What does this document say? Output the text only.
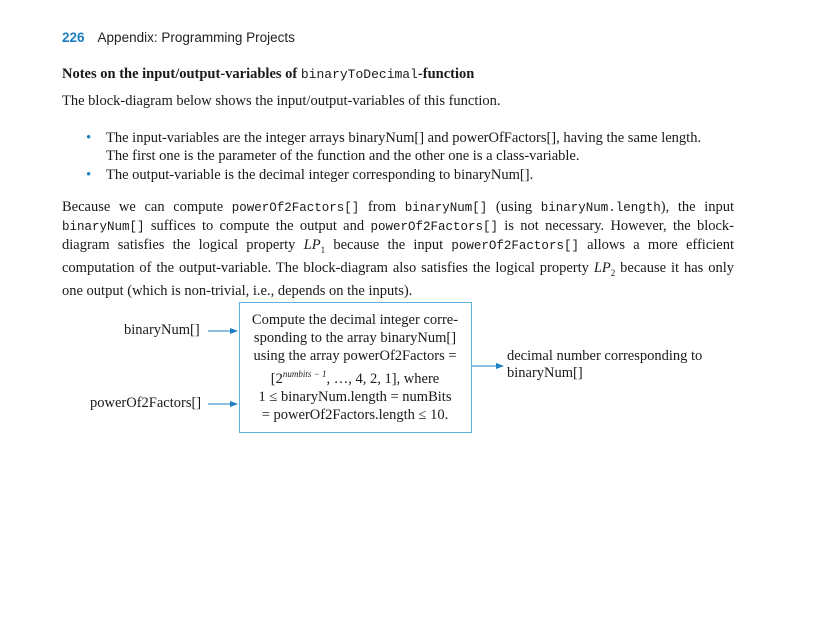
226 Appendix: Programming Projects
Notes on the input/output-variables of binaryToDecimal-function
The block-diagram below shows the input/output-variables of this function.
• The input-variables are the integer arrays binaryNum[] and powerOfFactors[], having the same length.
The first one is the parameter of the function and the other one is a class-variable.
• The output-variable is the decimal integer corresponding to binaryNum[].
Because we can compute powerOf2Factors[] from binaryNum[] (using binaryNum.length), the input binaryNum[] suffices to compute the output and powerOf2Factors[] is not necessary. However, the block-diagram satisfies the logical property $LP_1$ because the input powerOf2Factors[] allows a more efficient computation of the output-variable. The block-diagram also satisfies the logical property $LP_2$ because it has only one output (which is non-trivial, i.e., depends on the inputs).
binaryNum[]
powerOf2Factors[]
Compute the decimal integer corre-
sponding to the array binaryNum[]
using the array powerOf2Factors =
[$2^{numbits - 1}$, …, 4, 2, 1], where
1 ≤ binaryNum.length = numBits
= powerOf2Factors.length ≤ 10.
decimal number corresponding to
binaryNum[]
